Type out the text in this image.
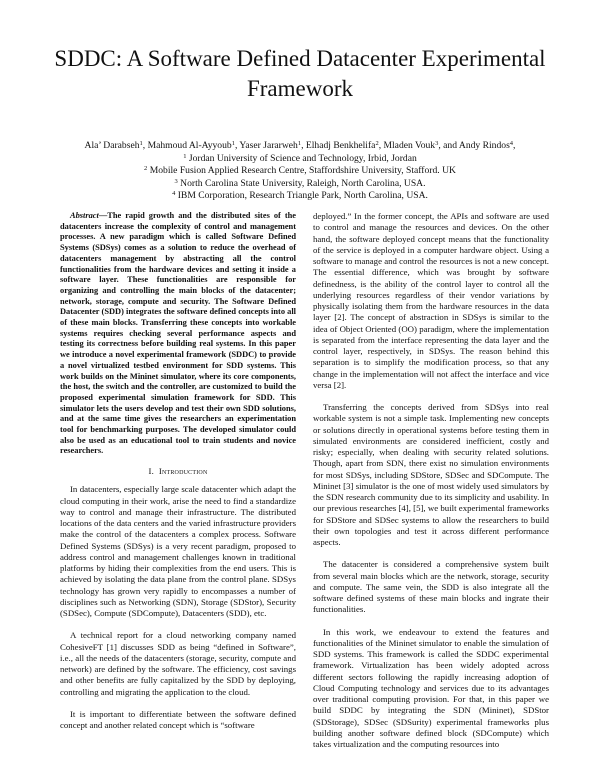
SDDC: A Software Defined Datacenter Experimental
Framework
Ala’ Darabseh$^1$, Mahmoud Al-Ayyoub$^1$, Yaser Jararweh$^1$, Elhadj Benkhelifa$^2$, Mladen Vouk$^3$, and Andy Rindos$^4$,
$^1$ Jordan University of Science and Technology, Irbid, Jordan
$^2$ Mobile Fusion Applied Research Centre, Staffordshire University, Stafford. UK
$^3$ North Carolina State University, Raleigh, North Carolina, USA.
$^4$ IBM Corporation, Research Triangle Park, North Carolina, USA.
Abstract—The rapid growth and the distributed sites of the datacenters increase the complexity of control and management processes. A new paradigm which is called Software Defined Systems (SDSys) comes as a solution to reduce the overhead of datacenters management by abstracting all the control functionalities from the hardware devices and setting it inside a software layer. These functionalities are responsible for organizing and controlling the main blocks of the datacenter; network, storage, compute and security. The Software Defined Datacenter (SDD) integrates the software defined concepts into all of these main blocks. Transferring these concepts into workable systems requires checking several performance aspects and testing its correctness before building real systems. In this paper we introduce a novel experimental framework (SDDC) to provide a novel virtualized testbed environment for SDD systems. This work builds on the Mininet simulator, where its core components, the host, the switch and the controller, are customized to build the proposed experimental simulation framework for SDD. This simulator lets the users develop and test their own SDD solutions, and at the same time gives the researchers an experimentation tool for benchmarking purposes. The developed simulator could also be used as an educational tool to train students and novice researchers.
I. Introduction

In datacenters, especially large scale datacenter which adapt the cloud computing in their work, arise the need to find a standardize way to control and manage their infrastructure. The distributed locations of the data centers and the varied infrastructure providers make the control of the datacenters a complex process. Software Defined Systems (SDSys) is a very recent paradigm, proposed to address control and management challenges known in traditional platforms by hiding their complexities from the end users. This is achieved by isolating the data plane from the control plane. SDSys technology has grown very rapidly to encompasses a number of disciplines such as Networking (SDN), Storage (SDStor), Security (SDSec), Compute (SDCompute), Datacenters (SDD), etc.

A technical report for a cloud networking company named CohesiveFT [1] discusses SDD as being “defined in Software”, i.e., all the needs of the datacenters (storage, security, compute and network) are defined by the software. The efficiency, cost savings and other benefits are fully capitalized by the SDD by deploying, controlling and migrating the application to the cloud.

It is important to differentiate between the software defined concept and another related concept which is “software

deployed.” In the former concept, the APIs and software are used to control and manage the resources and devices. On the other hand, the software deployed concept means that the functionality of the service is deployed in a computer hardware object. Using a software to manage and control the resources is not a new concept. The essential difference, which was brought by software definedness, is the ability of the control layer to control all the underlying resources regardless of their vendor variations by physically isolating them from the hardware resources in the data layer [2]. The concept of abstraction in SDSys is similar to the idea of Object Oriented (OO) paradigm, where the implementation is separated from the interface representing the data layer and the control layer, respectively, in SDSys. The reason behind this separation is to simplify the modification process, so that any change in the implementation will not affect the interface and vice versa [2].

Transferring the concepts derived from SDSys into real workable system is not a simple task. Implementing new concepts or solutions directly in operational systems before testing them in simulated environments are considered inefficient, costly and risky; especially, when dealing with security related solutions. Though, apart from SDN, there exist no simulation environments for most SDSys, including SDStore, SDSec and SDCompute. The Mininet [3] simulator is the one of most widely used simulators by the SDN research community due to its simplicity and usability. In our previous researches [4], [5], we built experimental frameworks for SDStore and SDSec systems to allow the researchers to build their own topologies and test it across different performance aspects.

The datacenter is considered a comprehensive system built from several main blocks which are the network, storage, security and compute. The same vein, the SDD is also integrate all the software defined systems of these main blocks and ingrate their functionalities.

In this work, we endeavour to extend the features and functionalities of the Mininet simulator to enable the simulation of SDD systems. This framework is called the SDDC experimental framework. Virtualization has been widely adopted across different sectors following the rapidly increasing adoption of Cloud Computing technology and services due to its advantages over traditional computing provision. For that, in this paper we build SDDC by integrating the SDN (Mininet), SDStor (SDStorage), SDSec (SDSurity) experimental frameworks plus building another software defined block (SDCompute) which takes virtualization and the computing resources into
